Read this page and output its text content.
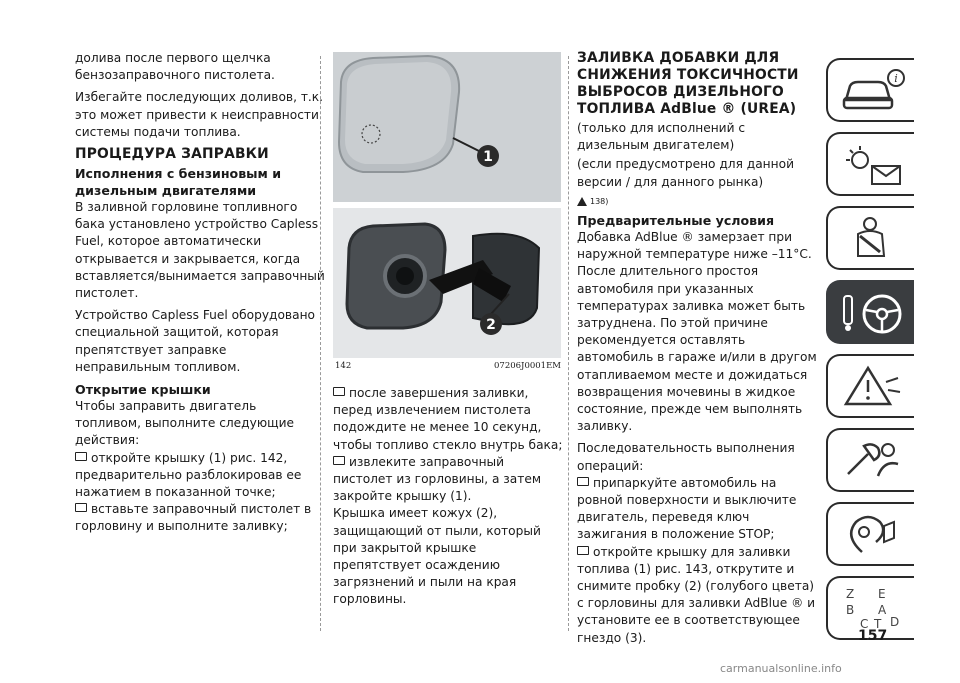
долива после первого щелчка бензозаправочного пистолета.

Избегайте последующих доливов, т.к. это может привести к неисправности системы подачи топлива.

ПРОЦЕДУРА ЗАПРАВКИ
Исполнения с бензиновым и дизельным двигателями

В заливной горловине топливного бака установлено устройство Capless Fuel, которое автоматически открывается и закрывается, когда вставляется/вынимается заправочный пистолет.

Устройство Capless Fuel оборудовано специальной защитой, которая препятствует заправке неправильным топливом.

Открытие крышки

Чтобы заправить двигатель топливом, выполните следующие действия:

откройте крышку (1) рис. 142, предварительно разблокировав ее нажатием в показанной точке;
вставьте заправочный пистолет в горловину и выполните заливку;
1
2
142	07206J0001EM
после завершения заливки, перед извлечением пистолета подождите не менее 10 секунд, чтобы топливо стекло внутрь бака;
извлеките заправочный пистолет из горловины, а затем закройте крышку (1).

Крышка имеет кожух (2), защищающий от пыли, который при закрытой крышке препятствует осаждению загрязнений и пыли на края горловины.

ЗАЛИВКА ДОБАВКИ ДЛЯ СНИЖЕНИЯ ТОКСИЧНОСТИ ВЫБРОСОВ ДИЗЕЛЬНОГО ТОПЛИВА AdBlue ® (UREA)

(только для исполнений с дизельным двигателем)

(если предусмотрено для данной версии / для данного рынка)

138)
Предварительные условия

Добавка AdBlue ® замерзает при наружной температуре ниже –11°C. После длительного простоя автомобиля при указанных температурах заливка может быть затруднена. По этой причине рекомендуется оставлять автомобиль в гараже и/или в другом отапливаемом месте и дожидаться возвращения мочевины в жидкое состояние, прежде чем выполнять заливку.

Последовательность выполнения операций:

припаркуйте автомобиль на ровной поверхности и выключите двигатель, переведя ключ зажигания в положение STOP;
откройте крышку для заливки топлива (1) рис. 143, открутите и снимите пробку (2) (голубого цвета) с горловины для заливки AdBlue ® и установите ее в соответствующее гнездо (3).
i
Z E
B A
C T D
157
carmanualsonline.info
